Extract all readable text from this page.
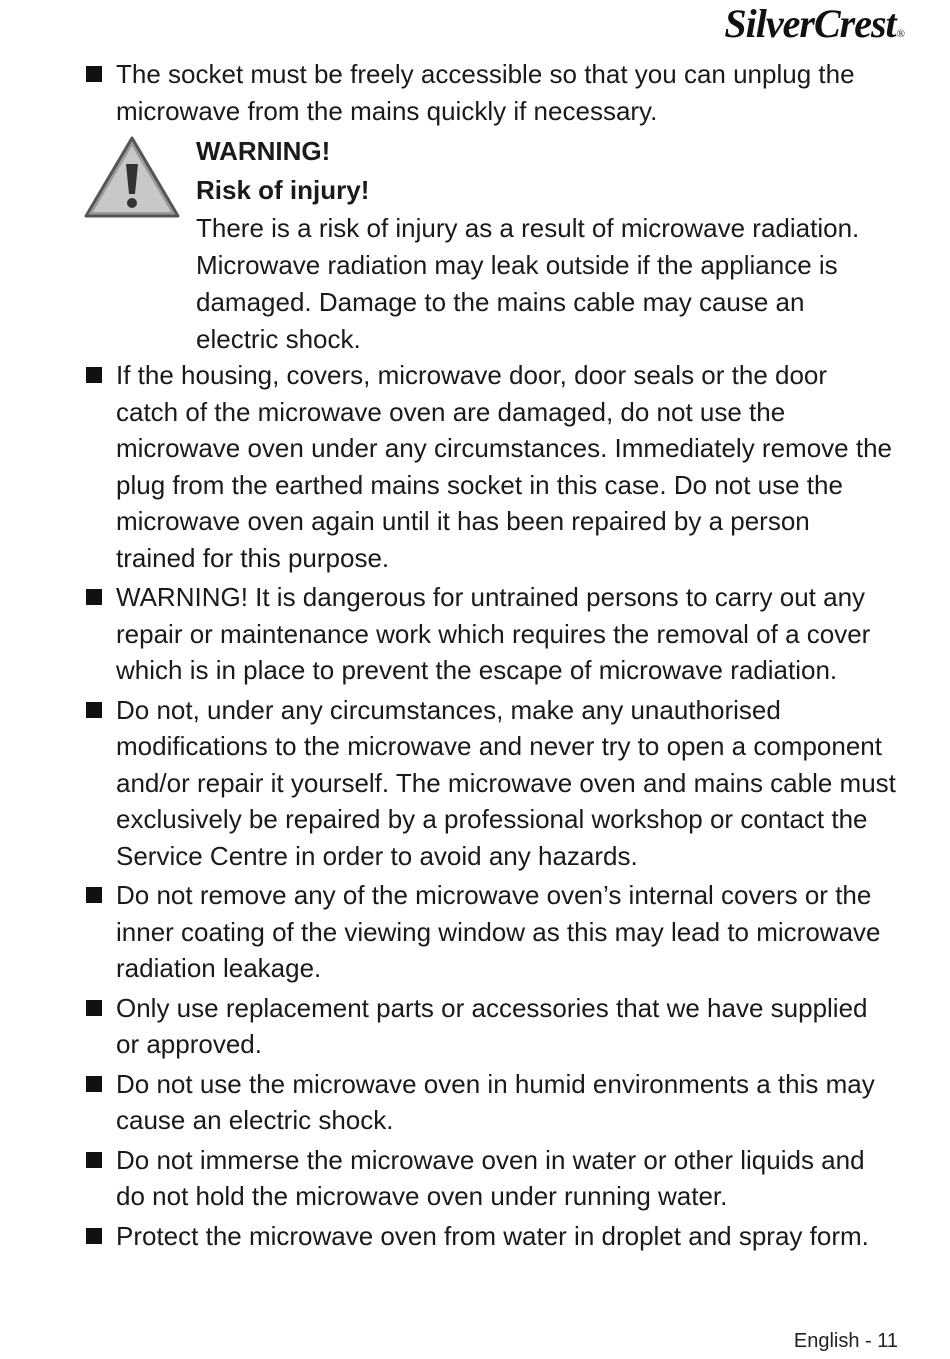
SilverCrest®
The socket must be freely accessible so that you can unplug the microwave from the mains quickly if necessary.
WARNING!
Risk of injury!
There is a risk of injury as a result of microwave radiation.
Microwave radiation may leak outside if the appliance is damaged. Damage to the mains cable may cause an electric shock.
If the housing, covers, microwave door, door seals or the door catch of the microwave oven are damaged, do not use the microwave oven under any circumstances. Immediately remove the plug from the earthed mains socket in this case. Do not use the microwave oven again until it has been repaired by a person trained for this purpose.
WARNING! It is dangerous for untrained persons to carry out any repair or maintenance work which requires the removal of a cover which is in place to prevent the escape of microwave radiation.
Do not, under any circumstances, make any unauthorised modifications to the microwave and never try to open a component and/or repair it yourself. The microwave oven and mains cable must exclusively be repaired by a professional workshop or contact the Service Centre in order to avoid any hazards.
Do not remove any of the microwave oven’s internal covers or the inner coating of the viewing window as this may lead to microwave radiation leakage.
Only use replacement parts or accessories that we have supplied or approved.
Do not use the microwave oven in humid environments a this may cause an electric shock.
Do not immerse the microwave oven in water or other liquids and do not hold the microwave oven under running water.
Protect the microwave oven from water in droplet and spray form.
English - 11
